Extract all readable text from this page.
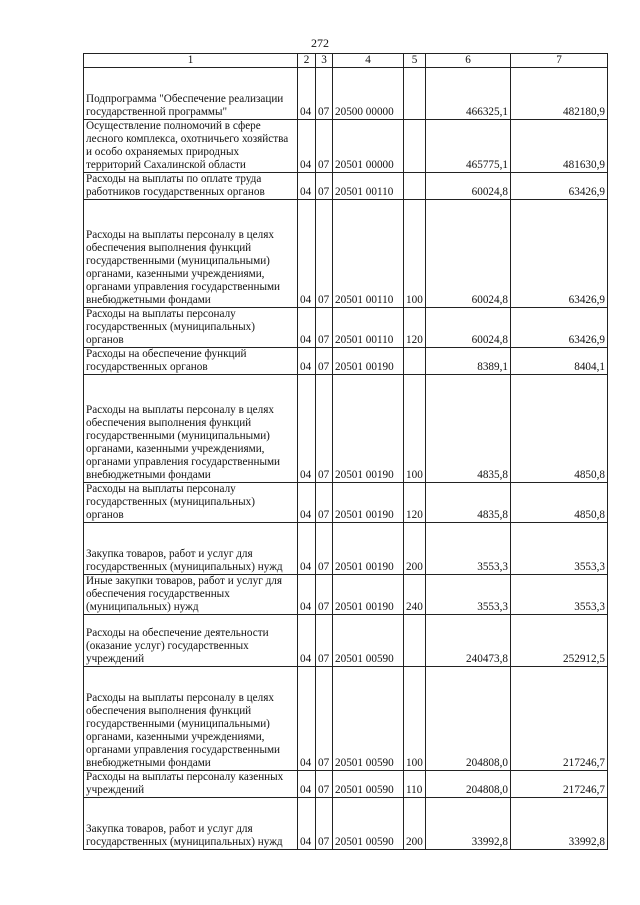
272
1	2	3	4	5	6	7
Подпрограмма "Обеспечение реализации государственной программы"	04	07	20500 00000		466325,1	482180,9
Осуществление полномочий в сфере лесного комплекса, охотничьего хозяйства и особо охраняемых природных территорий Сахалинской области	04	07	20501 00000		465775,1	481630,9
Расходы на выплаты по оплате труда работников государственных органов	04	07	20501 00110		60024,8	63426,9
Расходы на выплаты персоналу в целях обеспечения выполнения функций государственными (муниципальными) органами, казенными учреждениями, органами управления государственными внебюджетными фондами	04	07	20501 00110	100	60024,8	63426,9
Расходы на выплаты персоналу государственных (муниципальных) органов	04	07	20501 00110	120	60024,8	63426,9
Расходы на обеспечение функций государственных органов	04	07	20501 00190		8389,1	8404,1
Расходы на выплаты персоналу в целях обеспечения выполнения функций государственными (муниципальными) органами, казенными учреждениями, органами управления государственными внебюджетными фондами	04	07	20501 00190	100	4835,8	4850,8
Расходы на выплаты персоналу государственных (муниципальных) органов	04	07	20501 00190	120	4835,8	4850,8
Закупка товаров, работ и услуг для государственных (муниципальных) нужд	04	07	20501 00190	200	3553,3	3553,3
Иные закупки товаров, работ и услуг для обеспечения государственных (муниципальных) нужд	04	07	20501 00190	240	3553,3	3553,3
Расходы на обеспечение деятельности (оказание услуг) государственных учреждений	04	07	20501 00590		240473,8	252912,5
Расходы на выплаты персоналу в целях обеспечения выполнения функций государственными (муниципальными) органами, казенными учреждениями, органами управления государственными внебюджетными фондами	04	07	20501 00590	100	204808,0	217246,7
Расходы на выплаты персоналу казенных учреждений	04	07	20501 00590	110	204808,0	217246,7
Закупка товаров, работ и услуг для государственных (муниципальных) нужд	04	07	20501 00590	200	33992,8	33992,8
